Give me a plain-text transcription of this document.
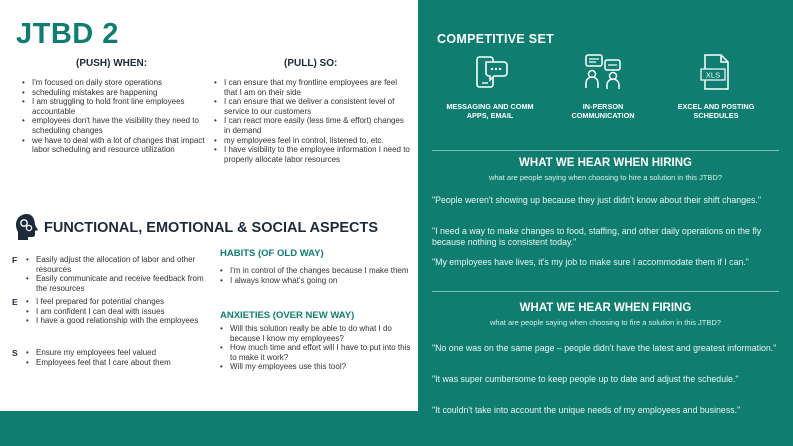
JTBD 2
(PUSH) WHEN:	(PULL) SO:
• I'm focused on daily store operations
• scheduling mistakes are happening
• I am struggling to hold front line employees accountable
• employees don't have the visibility they need to scheduling changes
• we have to deal with a lot of changes that impact labor scheduling and resource utilization
• I can ensure that my frontline employees are feel that I am on their side
• I can ensure that we deliver a consistent level of service to our customers
• I can react more easily (less time & effort) changes in demand
• my employees feel in control, listened to, etc.
• I have visibility to the employee information I need to properly allocate labor resources
FUNCTIONAL, EMOTIONAL & SOCIAL ASPECTS
F	• Easily adjust the allocation of labor and other resources
• Easily communicate and receive feedback from the resources
E	• I feel prepared for potential changes
• I am confident I can deal with issues
• I have a good relationship with the employees
S	• Ensure my employees feel valued
• Employees feel that I care about them
HABITS (OF OLD WAY)
• I'm in control of the changes because I make them
• I always know what's going on
ANXIETIES (OVER NEW WAY)
• Will this solution really be able to do what I do because I know my employees?
• How much time and effort will I have to put into this to make it work?
• Will my employees use this tool?
COMPETITIVE SET
MESSAGING AND COMM APPS, EMAIL
IN-PERSON COMMUNICATION
XLS
EXCEL AND POSTING SCHEDULES
WHAT WE HEAR WHEN HIRING
what are people saying when choosing to hire a solution in this JTBD?
"People weren't showing up because they just didn't know about their shift changes."
"I need a way to make changes to food, staffing, and other daily operations on the fly because nothing is consistent today."
"My employees have lives, it's my job to make sure I accommodate them if I can."
WHAT WE HEAR WHEN FIRING
what are people saying when choosing to fire a solution in this JTBD?
"No one was on the same page – people didn't have the latest and greatest information."
"It was super cumbersome to keep people up to date and adjust the schedule."
"It couldn't take into account the unique needs of my employees and business."
